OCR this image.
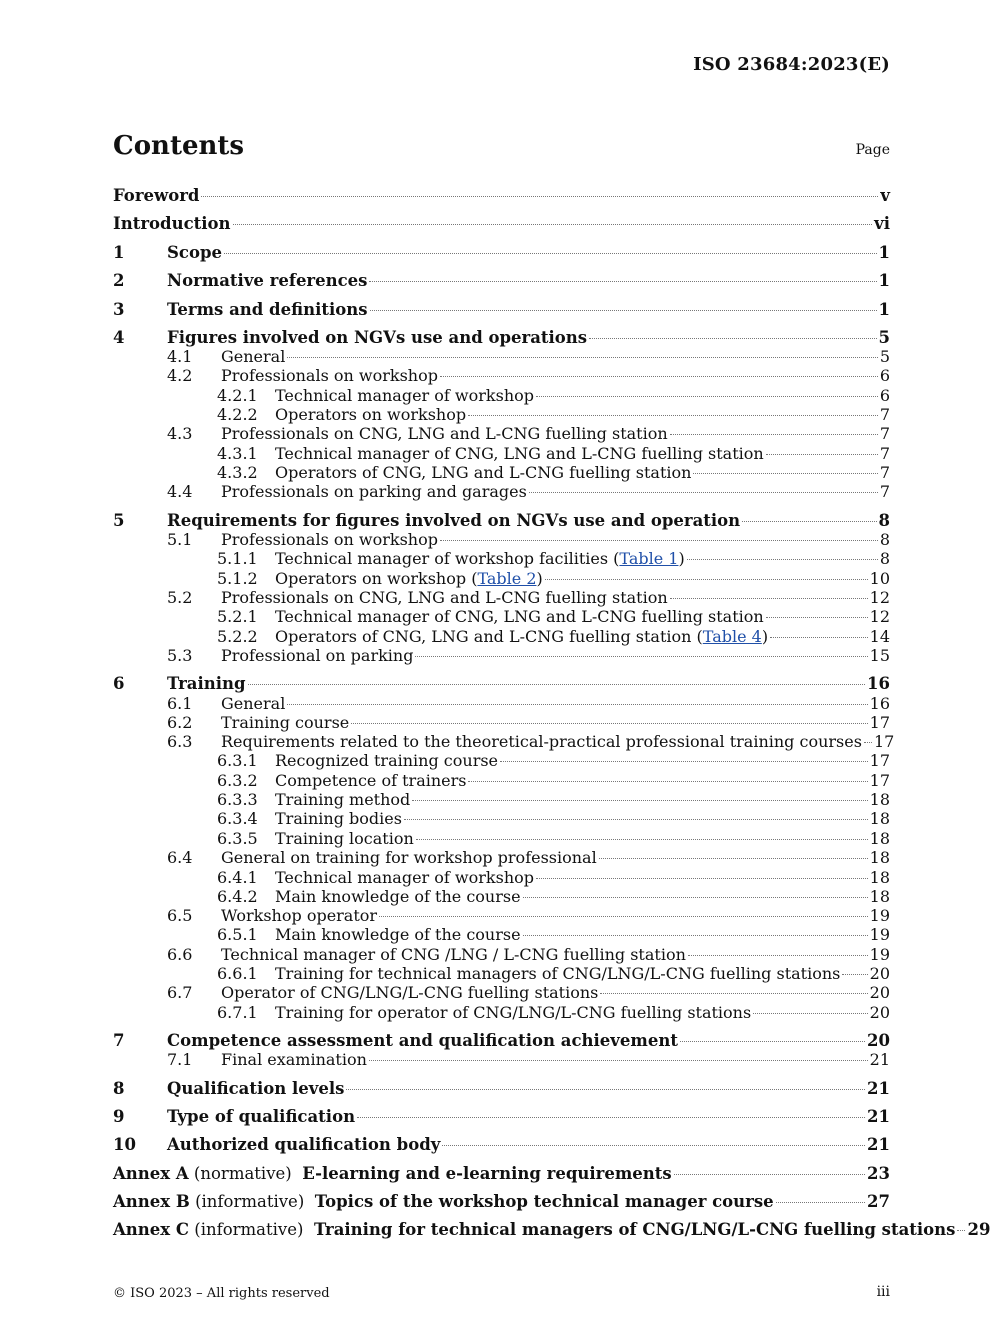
ISO 23684:2023(E)
Contents	Page
Foreword	v
Introduction	vi
1	Scope	1
2	Normative references	1
3	Terms and definitions	1
4	Figures involved on NGVs use and operations	5
4.1	General	5
4.2	Professionals on workshop	6
4.2.1	Technical manager of workshop	6
4.2.2	Operators on workshop	7
4.3	Professionals on CNG, LNG and L-CNG fuelling station	7
4.3.1	Technical manager of CNG, LNG and L-CNG fuelling station	7
4.3.2	Operators of CNG, LNG and L-CNG fuelling station	7
4.4	Professionals on parking and garages	7
5	Requirements for figures involved on NGVs use and operation	8
5.1	Professionals on workshop	8
5.1.1	Technical manager of workshop facilities (Table 1)	8
5.1.2	Operators on workshop (Table 2)	10
5.2	Professionals on CNG, LNG and L-CNG fuelling station	12
5.2.1	Technical manager of CNG, LNG and L-CNG fuelling station	12
5.2.2	Operators of CNG, LNG and L-CNG fuelling station (Table 4)	14
5.3	Professional on parking	15
6	Training	16
6.1	General	16
6.2	Training course	17
6.3	Requirements related to the theoretical-practical professional training courses 17
6.3.1	Recognized training course	17
6.3.2	Competence of trainers	17
6.3.3	Training method	18
6.3.4	Training bodies	18
6.3.5	Training location	18
6.4	General on training for workshop professional	18
6.4.1	Technical manager of workshop	18
6.4.2	Main knowledge of the course	18
6.5	Workshop operator	19
6.5.1	Main knowledge of the course	19
6.6	Technical manager of CNG /LNG / L-CNG fuelling station	19
6.6.1	Training for technical managers of CNG/LNG/L-CNG fuelling stations 20
6.7	Operator of CNG/LNG/L-CNG fuelling stations	20
6.7.1	Training for operator of CNG/LNG/L-CNG fuelling stations	20
7	Competence assessment and qualification achievement	20
7.1	Final examination	21
8	Qualification levels	21
9	Type of qualification	21
10	Authorized qualification body	21
Annex A (normative)  E-learning and e-learning requirements	23
Annex B (informative)  Topics of the workshop technical manager course	27
Annex C (informative)  Training for technical managers of CNG/LNG/L-CNG fuelling stations 29
© ISO 2023 – All rights reserved	iii
